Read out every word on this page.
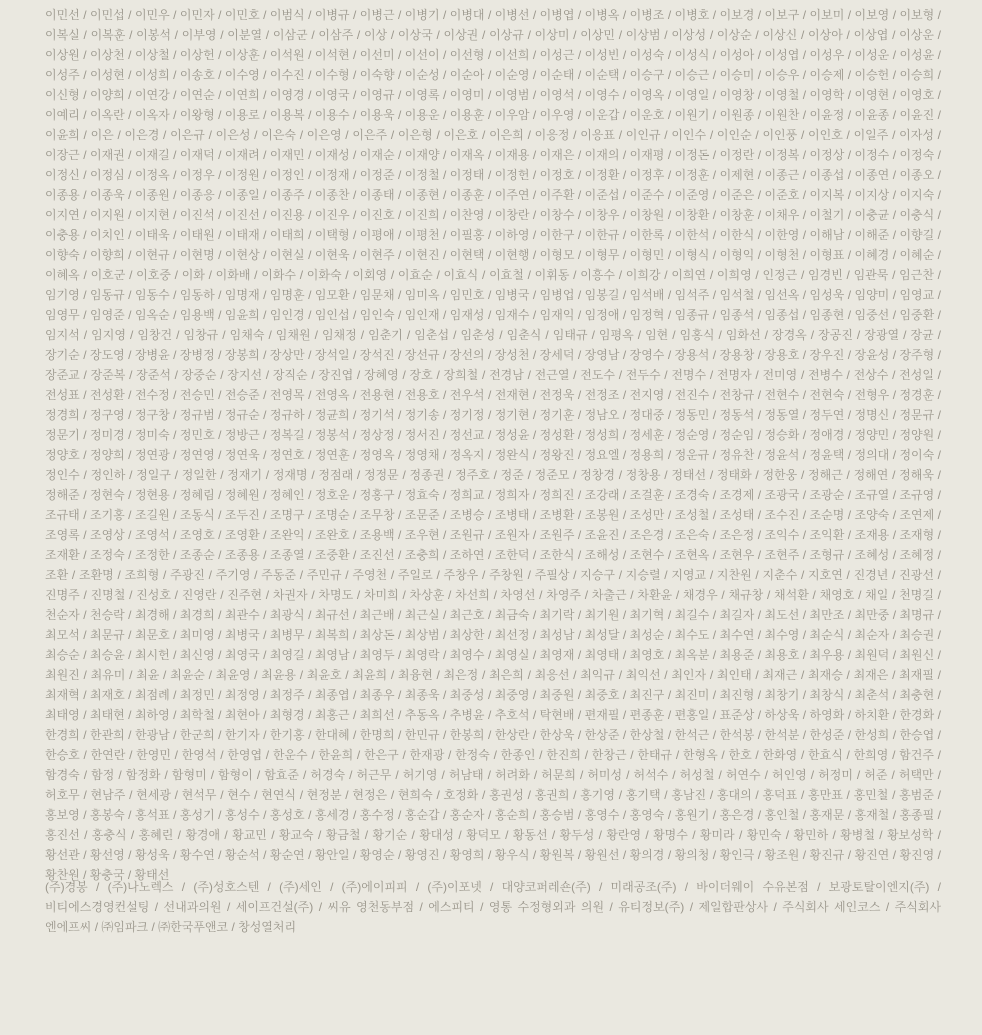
이민선 / 이민섭 / 이민우 / 이민자 / 이민호 / 이범식 / 이병규 / 이병근 / 이병기 / 이병대 / 이병선 / 이병엽 / 이병옥 / 이병조 / 이병호 / 이보경 / 이보구 / 이보미 / 이보영 / 이보형 / 이복실 / 이복훈 / 이봉석 / 이부영 / 이분열 / 이삼군 / 이삼주 / 이상 / 이상국 / 이상권 / 이상규 / 이상미 / 이상민 / 이상범 / 이상성 / 이상순 / 이상신 / 이상아 / 이상엽 / 이상운 / 이상원 / 이상천 / 이상철 / 이상헌 / 이상훈 / 이석원 / 이석현 / 이선미 / 이선이 / 이선형 / 이선희 / 이성근 / 이성빈 / 이성숙 / 이성식 / 이성아 / 이성엽 / 이성우 / 이성운 / 이성윤 / 이성주 / 이성현 / 이성희 / 이송호 / 이수영 / 이수진 / 이수형 / 이숙향 / 이순성 / 이순아 / 이순영 / 이순태 / 이순택 / 이승구 / 이승근 / 이승미 / 이승우 / 이승제 / 이승헌 / 이승희 / 이신형 / 이양희 / 이연강 / 이연순 / 이연희 / 이영경 / 이영국 / 이영규 / 이영록 / 이영미 / 이영범 / 이영석 / 이영수 / 이영옥 / 이영일 / 이영창 / 이영철 / 이영학 / 이영현 / 이영호 / 이예리 / 이옥란 / 이옥자 / 이왕형 / 이용로 / 이용복 / 이용수 / 이용욱 / 이용운 / 이용훈 / 이우암 / 이우영 / 이운갑 / 이운호 / 이원기 / 이원종 / 이원찬 / 이윤정 / 이윤종 / 이윤진 / 이윤희 / 이은 / 이은경 / 이은규 / 이은성 / 이은숙 / 이은영 / 이은주 / 이은형 / 이은호 / 이은희 / 이응정 / 이응표 / 이인규 / 이인수 / 이인순 / 이인풍 / 이인호 / 이일주 / 이자성 / 이장근 / 이재권 / 이재길 / 이재덕 / 이재려 / 이재민 / 이재성 / 이재순 / 이재양 / 이재옥 / 이재용 / 이재은 / 이재의 / 이재평 / 이정돈 / 이정란 / 이정복 / 이정상 / 이정수 / 이정숙 / 이정신 / 이정심 / 이정옥 / 이정우 / 이정원 / 이정인 / 이정재 / 이정준 / 이정철 / 이정태 / 이정헌 / 이정호 / 이정환 / 이정후 / 이정훈 / 이제현 / 이종근 / 이종섭 / 이종연 / 이종오 / 이종용 / 이종욱 / 이종원 / 이종응 / 이종일 / 이종주 / 이종찬 / 이종태 / 이종현 / 이종훈 / 이주연 / 이주환 / 이준섭 / 이준수 / 이준영 / 이준은 / 이준호 / 이지복 / 이지상 / 이지숙 / 이지연 / 이지원 / 이지현 / 이진석 / 이진선 / 이진용 / 이진우 / 이진호 / 이진희 / 이찬영 / 이창란 / 이창수 / 이창우 / 이창원 / 이창환 / 이창훈 / 이채우 / 이철기 / 이충균 / 이충식 / 이충용 / 이치인 / 이태욱 / 이태원 / 이태재 / 이태희 / 이택형 / 이평애 / 이평천 / 이필홍 / 이하영 / 이한구 / 이한규 / 이한록 / 이한석 / 이한식 / 이한영 / 이해남 / 이해준 / 이향길 / 이향숙 / 이향희 / 이현규 / 이현명 / 이현상 / 이현실 / 이현욱 / 이현주 / 이현진 / 이현택 / 이현행 / 이형모 / 이형무 / 이형민 / 이형식 / 이형익 / 이형천 / 이형표 / 이혜경 / 이혜순 / 이혜옥 / 이호군 / 이호중 / 이화 / 이화배 / 이화수 / 이화숙 / 이회영 / 이효순 / 이효식 / 이효철 / 이휘동 / 이흥수 / 이희강 / 이희연 / 이희영 / 인정근 / 임경빈 / 임관묵 / 임근찬 / 임기영 / 임동규 / 임동수 / 임동하 / 임명재 / 임명훈 / 임모환 / 임문채 / 임미옥 / 임민호 / 임병국 / 임병업 / 임봉길 / 임석배 / 임석주 / 임석철 / 임선옥 / 임성욱 / 임양미 / 임영교 / 임영무 / 임영준 / 임옥순 / 임용백 / 임윤희 / 임인경 / 임인섭 / 임인숙 / 임인재 / 임재성 / 임재수 / 임재익 / 임정애 / 임정혁 / 임종규 / 임종석 / 임종섭 / 임종현 / 임중선 / 임중환 / 임지석 / 임지영 / 임창건 / 임창규 / 임채숙 / 임채원 / 임채정 / 임춘기 / 임춘섭 / 임춘성 / 임춘식 / 임태규 / 임평옥 / 임현 / 임홍식 / 임화선 / 장경옥 / 장공진 / 장광열 / 장균 / 장기순 / 장도영 / 장병윤 / 장병정 / 장봉희 / 장상만 / 장석일 / 장석진 / 장선규 / 장선의 / 장성천 / 장세덕 / 장영남 / 장영수 / 장용석 / 장용창 / 장용호 / 장우진 / 장윤성 / 장주형 / 장준교 / 장준복 / 장준석 / 장중순 / 장지선 / 장직순 / 장진엽 / 장혜영 / 장호 / 장희철 / 전경남 / 전근열 / 전도수 / 전두수 / 전명수 / 전명자 / 전미영 / 전병수 / 전상수 / 전성일 / 전성표 / 전성환 / 전수정 / 전승민 / 전승준 / 전영목 / 전영옥 / 전용현 / 전용호 / 전우석 / 전재현 / 전정욱 / 전정조 / 전지영 / 전진수 / 전창규 / 전현수 / 전현숙 / 전형우 / 정경훈 / 정경희 / 정구영 / 정구창 / 정규범 / 정규순 / 정규하 / 정균희 / 정기석 / 정기송 / 정기정 / 정기현 / 정기훈 / 정남오 / 정대중 / 정동민 / 정동석 / 정동열 / 정두연 / 정명신 / 정문규 / 정문기 / 정미경 / 정미숙 / 정민호 / 정방근 / 정복길 / 정봉석 / 정상정 / 정서진 / 정선교 / 정성윤 / 정성환 / 정성희 / 정세훈 / 정순영 / 정순임 / 정승화 / 정애경 / 정양민 / 정양원 / 정양호 / 정양희 / 정연광 / 정연영 / 정연욱 / 정연호 / 정연훈 / 정영옥 / 정영채 / 정옥지 / 정완식 / 정왕진 / 정요엘 / 정용희 / 정운규 / 정유찬 / 정윤석 / 정윤택 / 정의대 / 정이숙 / 정인수 / 정인하 / 정일구 / 정일한 / 정재기 / 정재명 / 정점래 / 정정문 / 정종권 / 정주호 / 정준 / 정준모 / 정창경 / 정창용 / 정태선 / 정태화 / 정한웅 / 정해근 / 정해연 / 정해욱 / 정해준 / 정현숙 / 정현용 / 정혜림 / 정혜원 / 정혜인 / 정호운 / 정홍구 / 정효숙 / 정희교 / 정희자 / 정희진 / 조강래 / 조걸훈 / 조경숙 / 조경제 / 조광국 / 조광순 / 조규열 / 조규영 / 조규태 / 조기홍 / 조길원 / 조동식 / 조두진 / 조명구 / 조명순 / 조무창 / 조문준 / 조병승 / 조병태 / 조병환 / 조봉원 / 조성만 / 조성철 / 조성태 / 조수진 / 조순명 / 조양숙 / 조연제 / 조영록 / 조영상 / 조영석 / 조영호 / 조영환 / 조완익 / 조완호 / 조용백 / 조우현 / 조원규 / 조원자 / 조원주 / 조윤진 / 조은경 / 조은숙 / 조은정 / 조익수 / 조익환 / 조재용 / 조재형 / 조재환 / 조정숙 / 조정한 / 조종순 / 조종용 / 조종열 / 조중환 / 조진선 / 조충희 / 조하연 / 조한덕 / 조한식 / 조해성 / 조현수 / 조현옥 / 조현우 / 조현주 / 조형규 / 조혜성 / 조혜정 / 조환 / 조환명 / 조희형 / 주광진 / 주기영 / 주동준 / 주민규 / 주영천 / 주일로 / 주창우 / 주창원 / 주필상 / 지승구 / 지승렬 / 지영교 / 지찬원 / 지춘수 / 지호연 / 진경년 / 진광선 / 진명주 / 진명철 / 진성호 / 진영란 / 진주현 / 차권자 / 차명도 / 차미희 / 차상훈 / 차선희 / 차영선 / 차영주 / 차출근 / 차환윤 / 채경우 / 채규창 / 채석환 / 채영호 / 채일 / 천명길 / 천순자 / 천승락 / 최경해 / 최경희 / 최관수 / 최광식 / 최규선 / 최근배 / 최근실 / 최근호 / 최금숙 / 최기락 / 최기원 / 최기혁 / 최길수 / 최길자 / 최도선 / 최만조 / 최만중 / 최명규 / 최모석 / 최문규 / 최문호 / 최미영 / 최병국 / 최병무 / 최복희 / 최상돈 / 최상범 / 최상한 / 최선정 / 최성남 / 최성달 / 최성순 / 최수도 / 최수연 / 최수영 / 최순식 / 최순자 / 최승권 / 최승순 / 최승윤 / 최시헌 / 최신영 / 최영국 / 최영길 / 최영남 / 최영두 / 최영락 / 최영수 / 최영실 / 최영재 / 최영태 / 최영호 / 최옥분 / 최용준 / 최용호 / 최우용 / 최원덕 / 최원신 / 최원진 / 최유미 / 최윤 / 최윤순 / 최윤영 / 최윤용 / 최윤호 / 최윤희 / 최융현 / 최은정 / 최은희 / 최응선 / 최익규 / 최익선 / 최인자 / 최인태 / 최재근 / 최재승 / 최재은 / 최재필 / 최재혁 / 최재호 / 최점례 / 최정민 / 최정영 / 최정주 / 최종엽 / 최종우 / 최종욱 / 최중성 / 최중영 / 최중원 / 최중호 / 최진구 / 최진미 / 최진형 / 최창기 / 최창식 / 최춘석 / 최충현 / 최태영 / 최태현 / 최하영 / 최학철 / 최현아 / 최형경 / 최홍근 / 최희선 / 추동옥 / 추병윤 / 추호석 / 탁현배 / 편재필 / 편종훈 / 편홍일 / 표준상 / 하상욱 / 하영화 / 하치환 / 한경화 / 한경희 / 한관희 / 한광남 / 한군희 / 한기자 / 한기홍 / 한대혜 / 한명희 / 한민규 / 한봉희 / 한상란 / 한상욱 / 한상준 / 한상철 / 한석근 / 한석봉 / 한석분 / 한성준 / 한성희 / 한승엽 / 한승호 / 한연란 / 한영민 / 한영석 / 한영엽 / 한운수 / 한윤희 / 한은구 / 한재광 / 한정숙 / 한종인 / 한진희 / 한창근 / 한태규 / 한형옥 / 한호 / 한화영 / 한효식 / 한희영 / 함건주 / 함경숙 / 함정 / 함정화 / 함형미 / 함형이 / 함효준 / 허경숙 / 허근무 / 허기영 / 허남태 / 허려화 / 허문희 / 허미성 / 허석수 / 허성철 / 허연수 / 허인영 / 허정미 / 허준 / 허택만 / 허호무 / 현남주 / 현세광 / 현석무 / 현수 / 현연식 / 현정분 / 현정은 / 현희숙 / 호정화 / 홍권성 / 홍권희 / 홍기영 / 홍기택 / 홍남진 / 홍대의 / 홍덕표 / 홍만표 / 홍민철 / 홍범준 / 홍보영 / 홍봉숙 / 홍석표 / 홍성기 / 홍성수 / 홍성호 / 홍세경 / 홍수정 / 홍순갑 / 홍순자 / 홍순희 / 홍승범 / 홍영수 / 홍영숙 / 홍원기 / 홍은경 / 홍인철 / 홍재문 / 홍재철 / 홍종필 / 홍진선 / 홍충식 / 홍혜린 / 황경애 / 황교민 / 황교숙 / 황금철 / 황기순 / 황대성 / 황덕모 / 황동선 / 황두성 / 황란영 / 황명수 / 황미라 / 황민숙 / 황민하 / 황병철 / 황보성학 / 황선관 / 황선영 / 황성욱 / 황수연 / 황순석 / 황순연 / 황안일 / 황영순 / 황영진 / 황영희 / 황우식 / 황원복 / 황원선 / 황의경 / 황의청 / 황인극 / 황조원 / 황진규 / 황진연 / 황진영 / 황찬원 / 황충국 / 황태선
(주)경봉 / (주)나노렉스 / (주)성호스텐 / (주)세인 / (주)에이피피 / (주)이포넷 / 대양코퍼레숀(주) / 미래공조(주) / 바이더웨이 수유본점 / 보광토탈이엔지(주) / 비티에스경영컨설팅 / 선내과의원 / 세이프건설(주) / 씨유 영천동부점 / 에스피티 / 영통 수정형외과 의원 / 유티정보(주) / 제일합판상사 / 주식회사 세인코스 / 주식회사 엔에프씨 / ㈜임파크 / ㈜한국푸앤코 / 창성열처리
